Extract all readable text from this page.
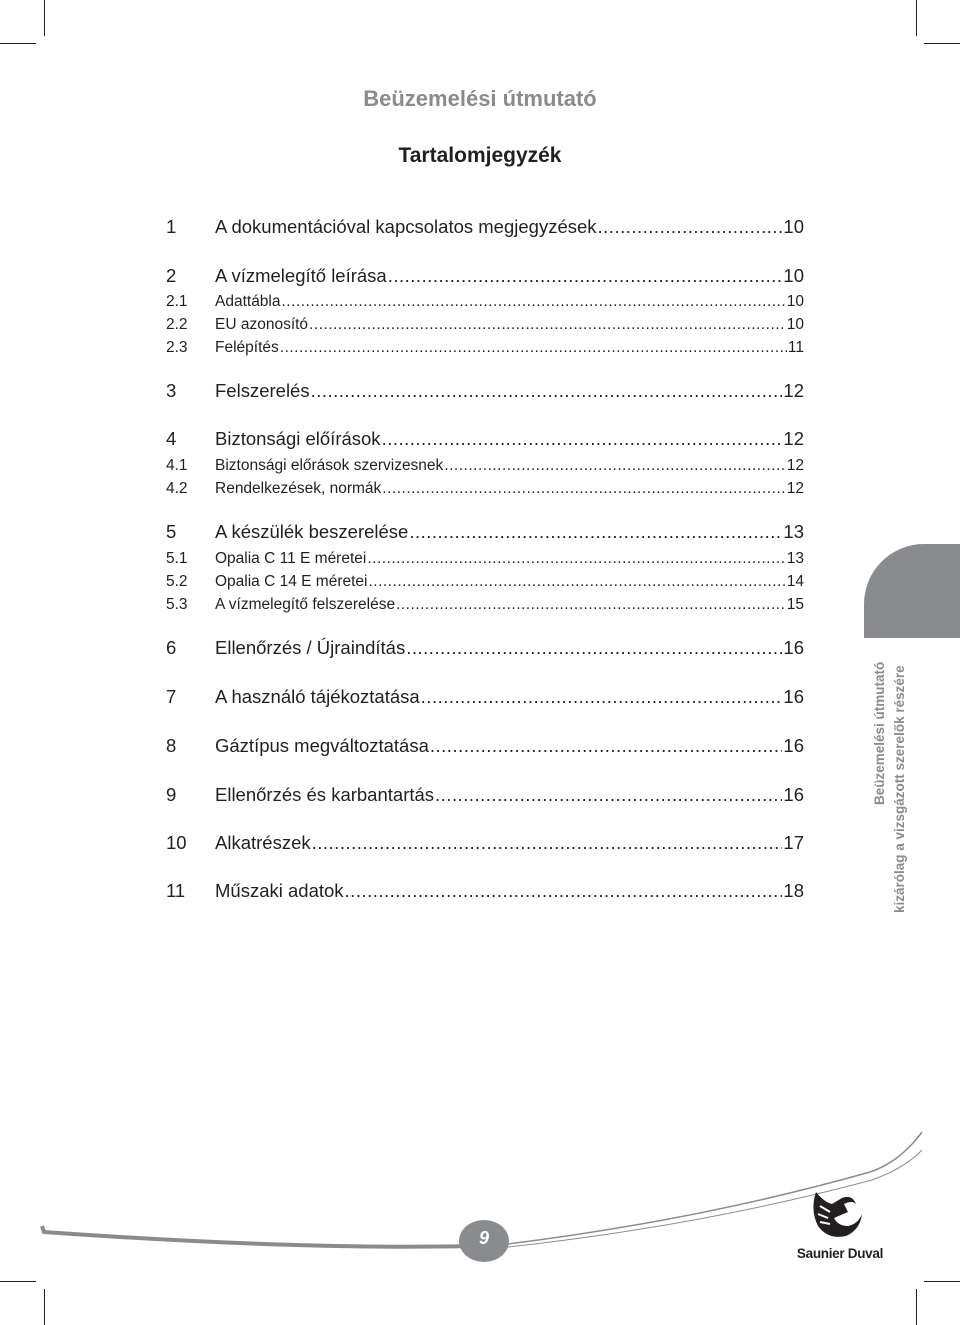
Beüzemelési útmutató
Tartalomjegyzék
1	A dokumentációval kapcsolatos megjegyzések .....	10
2	A vízmelegítő leírása .....	10
2.1	Adattábla .....	10
2.2	EU azonosító .....	10
2.3	Felépítés .....	11
3	Felszerelés .....	12
4	Biztonsági előírások .....	12
4.1	Biztonsági előrások szervizesnek .....	12
4.2	Rendelkezések, normák .....	12
5	A készülék beszerelése .....	13
5.1	Opalia C 11 E méretei .....	13
5.2	Opalia C 14 E méretei .....	14
5.3	A vízmelegítő felszerelése .....	15
6	Ellenőrzés / Újraindítás .....	16
7	A használó tájékoztatása .....	16
8	Gáztípus megváltoztatása .....	16
9	Ellenőrzés és karbantartás .....	16
10	Alkatrészek .....	17
11	Műszaki adatok .....	18
Beüzemelési útmutató kizárólag a vizsgázott szerelők részére
9
Saunier Duval
